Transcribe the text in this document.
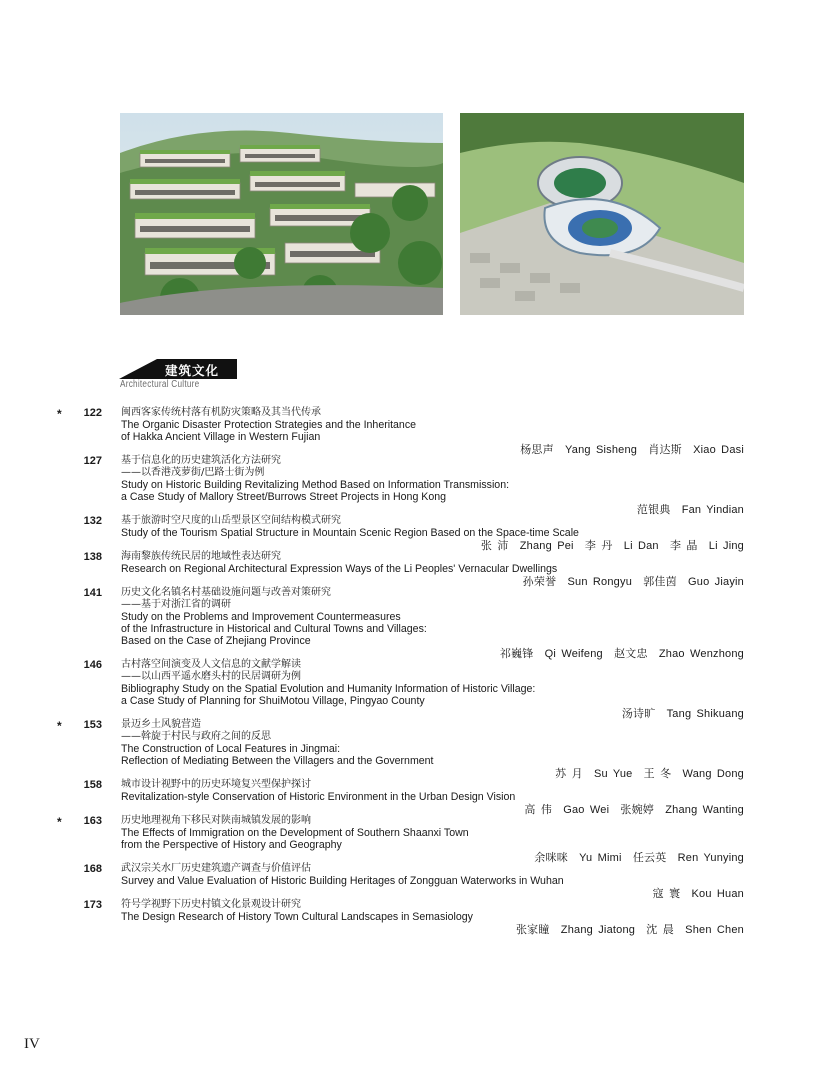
建筑文化
Architectural Culture
*	122 闽西客家传统村落有机防灾策略及其当代传承
The Organic Disaster Protection Strategies and the Inheritance
of Hakka Ancient Village in Western Fujian
杨思声　Yang Sisheng　肖达斯　Xiao Dasi
127 基于信息化的历史建筑活化方法研究
——以香港茂萝街/巴路士街为例
Study on Historic Building Revitalizing Method Based on Information Transmission:
a Case Study of Mallory Street/Burrows Street Projects in Hong Kong
范银典　Fan Yindian
132 基于旅游时空尺度的山岳型景区空间结构模式研究
Study of the Tourism Spatial Structure in Mountain Scenic Region Based on the Space-time Scale
张 沛　Zhang Pei　李 丹　Li Dan　李 晶　Li Jing
138 海南黎族传统民居的地域性表达研究
Research on Regional Architectural Expression Ways of the Li Peoples' Vernacular Dwellings
孙荣誉　Sun Rongyu　郭佳茵　Guo Jiayin
141 历史文化名镇名村基础设施问题与改善对策研究
——基于对浙江省的调研
Study on the Problems and Improvement Countermeasures
of the Infrastructure in Historical and Cultural Towns and Villages:
Based on the Case of Zhejiang Province
祁巍锋　Qi Weifeng　赵文忠　Zhao Wenzhong
146 古村落空间演变及人文信息的文献学解读
——以山西平遥水磨头村的民居调研为例
Bibliography Study on the Spatial Evolution and Humanity Information of Historic Village:
a Case Study of Planning for ShuiMotou Village, Pingyao County
汤诗旷　Tang Shikuang
*	153 景迈乡土风貌营造
——斡旋于村民与政府之间的反思
The Construction of Local Features in Jingmai:
Reflection of Mediating Between the Villagers and the Government
苏 月　Su Yue　王 冬　Wang Dong
158 城市设计视野中的历史环境复兴型保护探讨
Revitalization-style Conservation of Historic Environment in the Urban Design Vision
高 伟　Gao Wei　张婉婷　Zhang Wanting
*	163 历史地理视角下移民对陕南城镇发展的影响
The Effects of Immigration on the Development of Southern Shaanxi Town
from the Perspective of History and Geography
余咪咪　Yu Mimi　任云英　Ren Yunying
168 武汉宗关水厂历史建筑遗产调查与价值评估
Survey and Value Evaluation of Historic Building Heritages of Zongguan Waterworks in Wuhan
寇 寰　Kou Huan
173 符号学视野下历史村镇文化景观设计研究
The Design Research of History Town Cultural Landscapes in Semasiology
张家瞳　Zhang Jiatong　沈 晨　Shen Chen
IV
